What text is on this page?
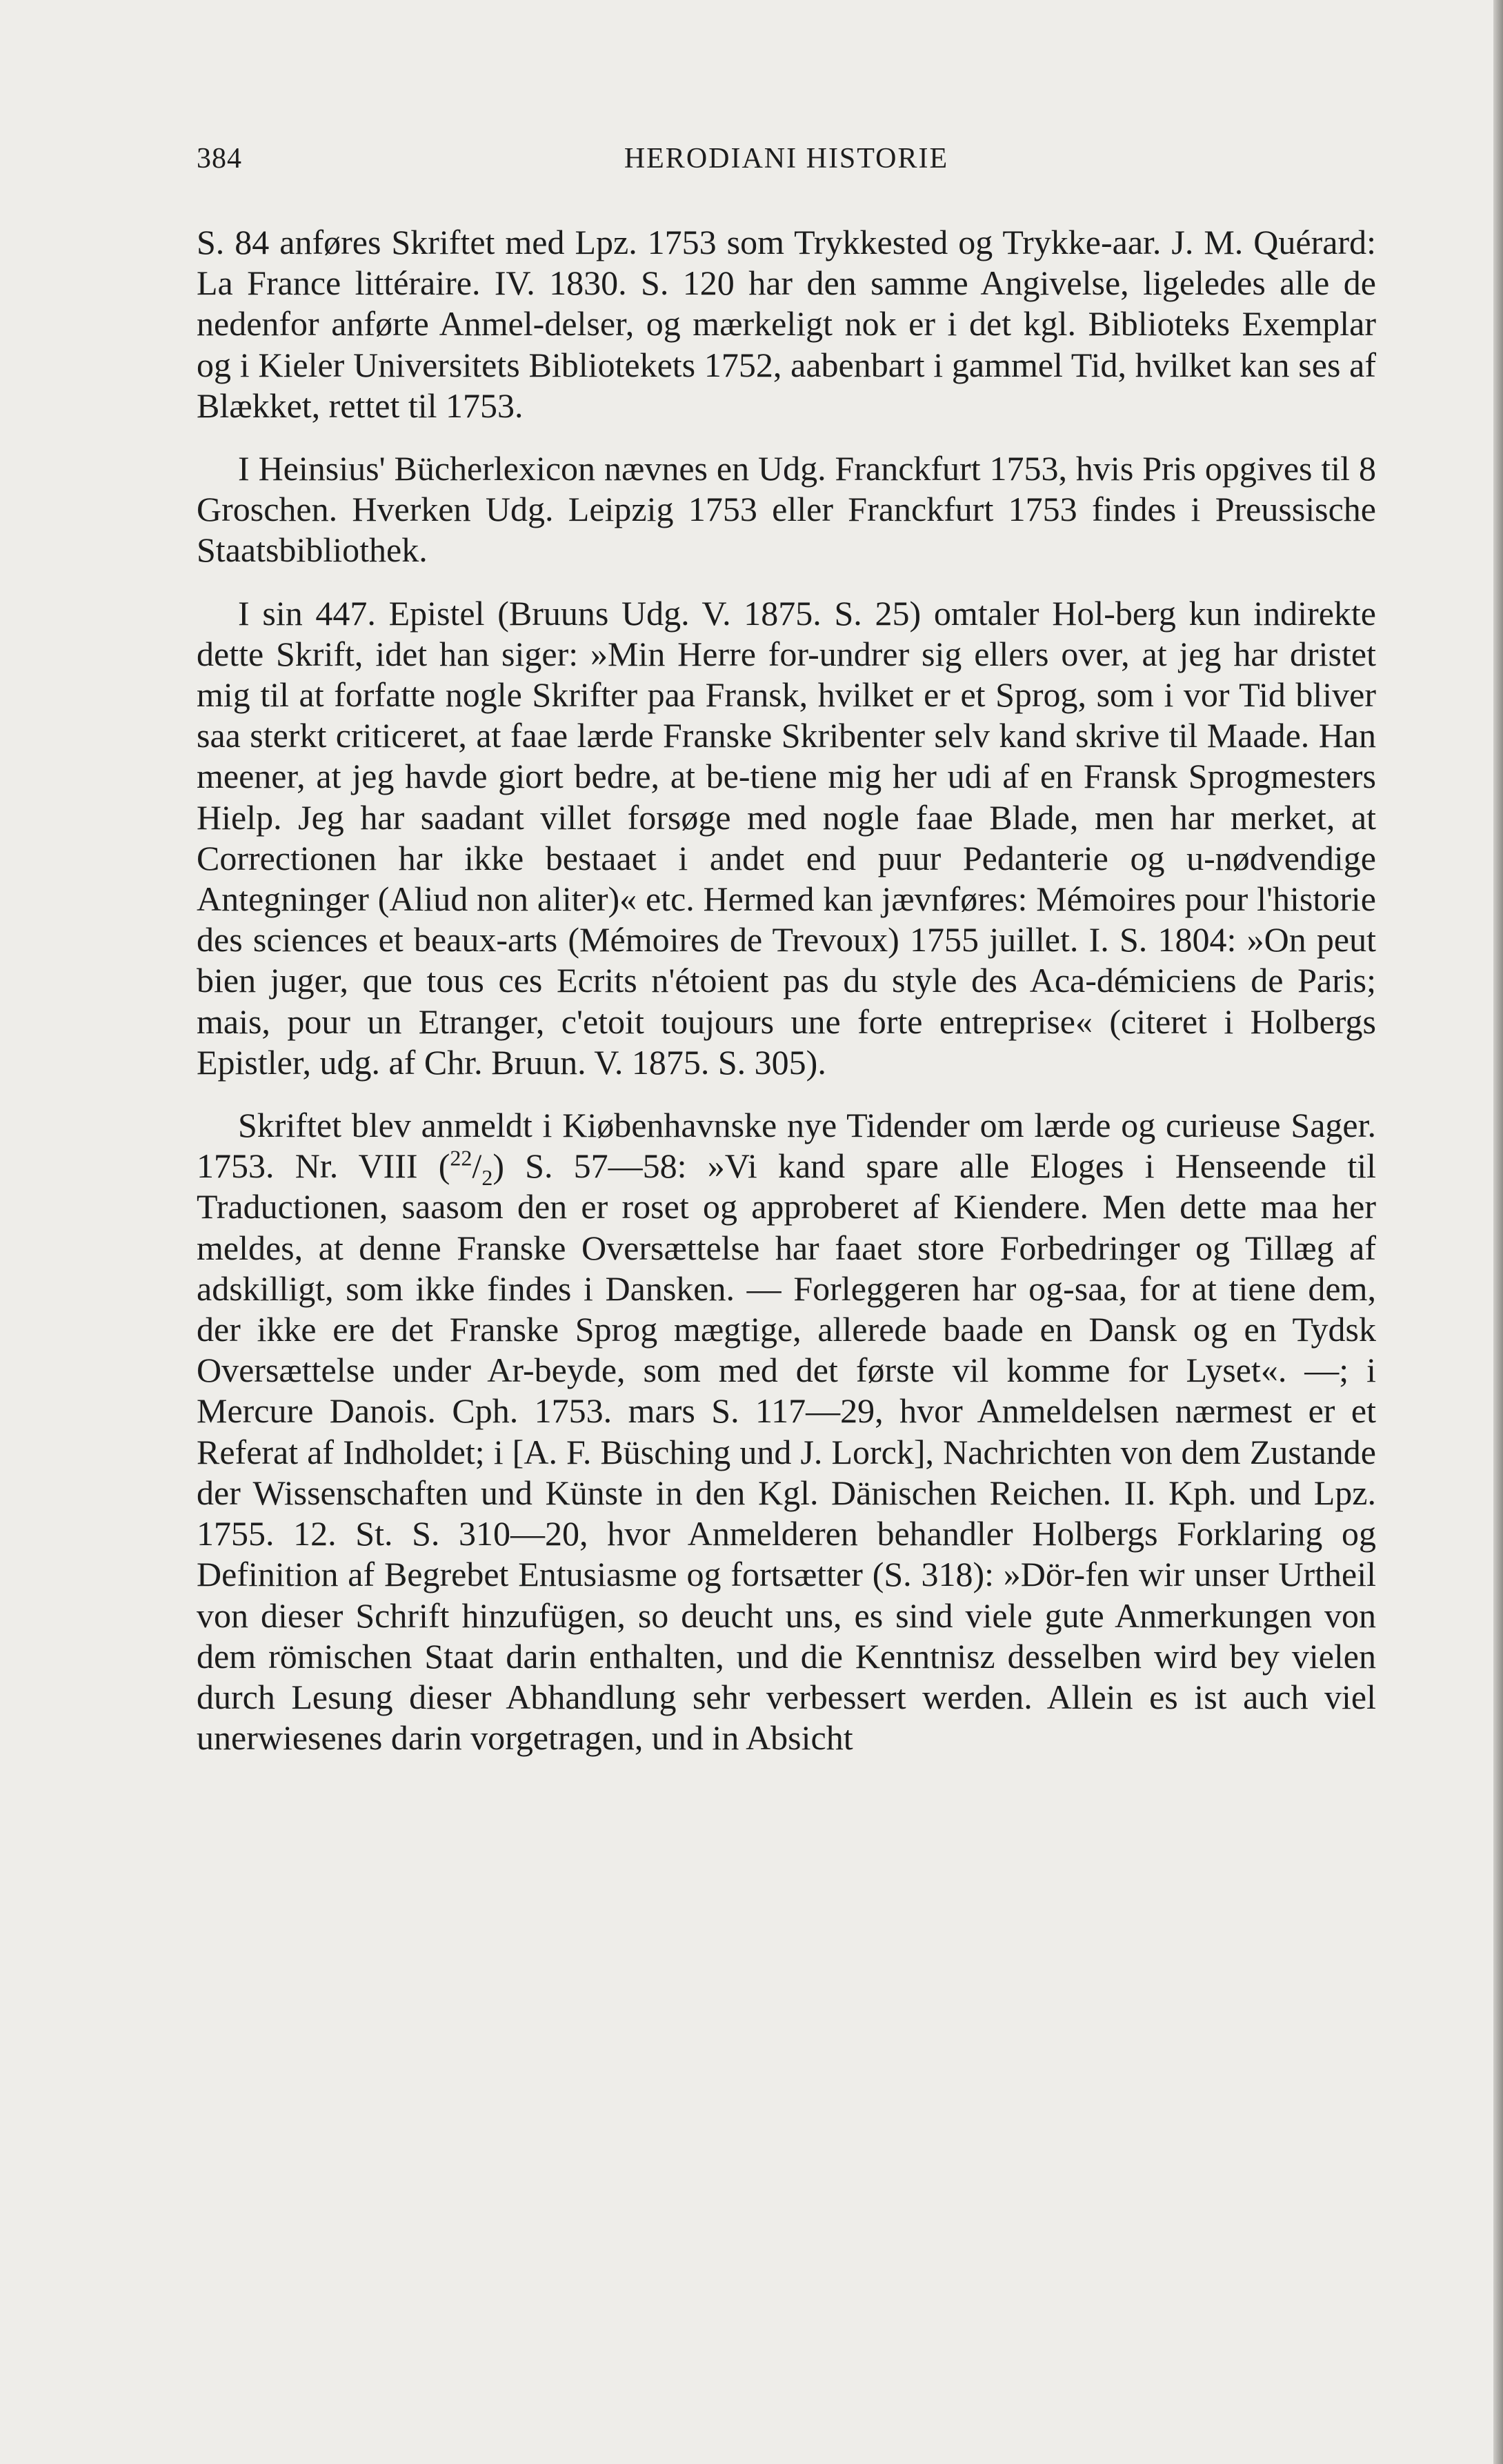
384	HERODIANI HISTORIE

S. 84 anføres Skriftet med Lpz. 1753 som Trykkested og Trykke-aar. J. M. Quérard: La France littéraire. IV. 1830. S. 120 har den samme Angivelse, ligeledes alle de nedenfor anførte Anmel-delser, og mærkeligt nok er i det kgl. Biblioteks Exemplar og i Kieler Universitets Bibliotekets 1752, aabenbart i gammel Tid, hvilket kan ses af Blækket, rettet til 1753.

I Heinsius' Bücherlexicon nævnes en Udg. Franckfurt 1753, hvis Pris opgives til 8 Groschen. Hverken Udg. Leipzig 1753 eller Franckfurt 1753 findes i Preussische Staatsbibliothek.

I sin 447. Epistel (Bruuns Udg. V. 1875. S. 25) omtaler Hol-berg kun indirekte dette Skrift, idet han siger: »Min Herre for-undrer sig ellers over, at jeg har dristet mig til at forfatte nogle Skrifter paa Fransk, hvilket er et Sprog, som i vor Tid bliver saa sterkt criticeret, at faae lærde Franske Skribenter selv kand skrive til Maade. Han meener, at jeg havde giort bedre, at be-tiene mig her udi af en Fransk Sprogmesters Hielp. Jeg har saadant villet forsøge med nogle faae Blade, men har merket, at Correctionen har ikke bestaaet i andet end puur Pedanterie og u-nødvendige Antegninger (Aliud non aliter)« etc. Hermed kan jævnføres: Mémoires pour l'historie des sciences et beaux-arts (Mémoires de Trevoux) 1755 juillet. I. S. 1804: »On peut bien juger, que tous ces Ecrits n'étoient pas du style des Aca-démiciens de Paris; mais, pour un Etranger, c'etoit toujours une forte entreprise« (citeret i Holbergs Epistler, udg. af Chr. Bruun. V. 1875. S. 305).

Skriftet blev anmeldt i Kiøbenhavnske nye Tidender om lærde og curieuse Sager. 1753. Nr. VIII $(^{22}/_2)$ S. 57—58: »Vi kand spare alle Eloges i Henseende til Traductionen, saasom den er roset og approberet af Kiendere. Men dette maa her meldes, at denne Franske Oversættelse har faaet store Forbedringer og Tillæg af adskilligt, som ikke findes i Dansken. — Forleggeren har og-saa, for at tiene dem, der ikke ere det Franske Sprog mægtige, allerede baade en Dansk og en Tydsk Oversættelse under Ar-beyde, som med det første vil komme for Lyset«. —; i Mercure Danois. Cph. 1753. mars S. 117—29, hvor Anmeldelsen nærmest er et Referat af Indholdet; i [A. F. Büsching und J. Lorck], Nachrichten von dem Zustande der Wissenschaften und Künste in den Kgl. Dänischen Reichen. II. Kph. und Lpz. 1755. 12. St. S. 310—20, hvor Anmelderen behandler Holbergs Forklaring og Definition af Begrebet Entusiasme og fortsætter (S. 318): »Dör-fen wir unser Urtheil von dieser Schrift hinzufügen, so deucht uns, es sind viele gute Anmerkungen von dem römischen Staat darin enthalten, und die Kenntnisz desselben wird bey vielen durch Lesung dieser Abhandlung sehr verbessert werden. Allein es ist auch viel unerwiesenes darin vorgetragen, und in Absicht
